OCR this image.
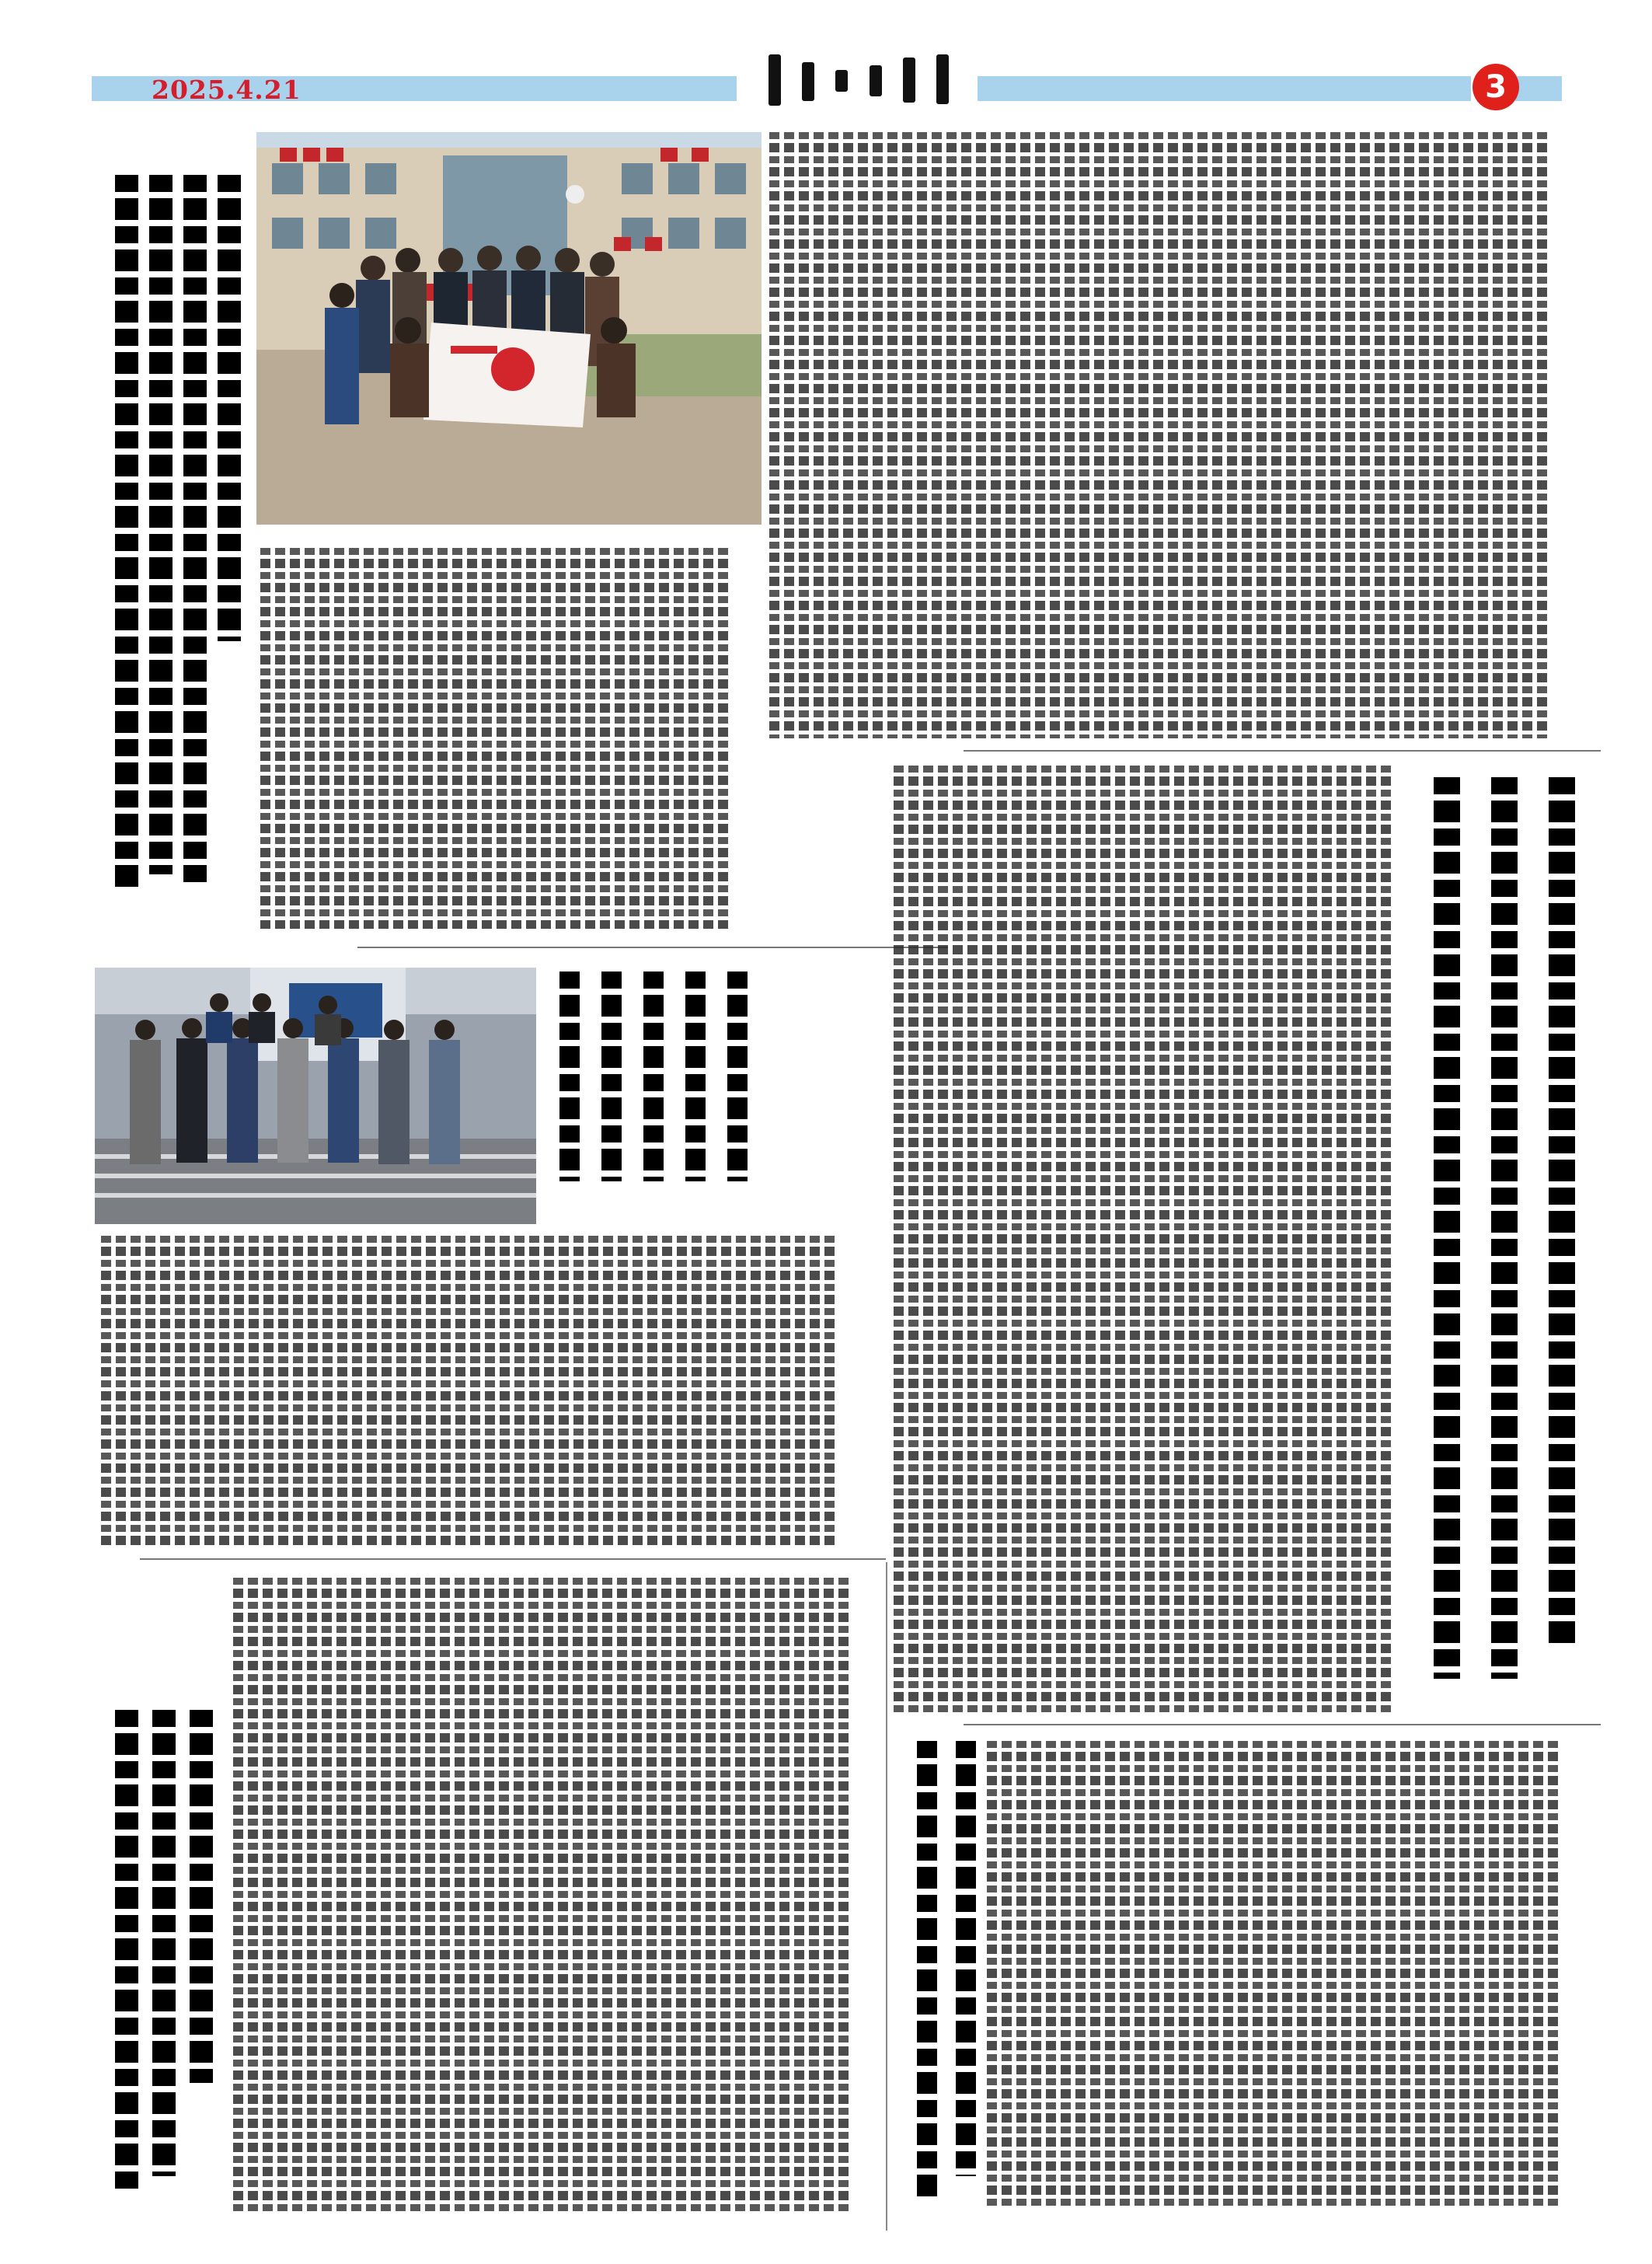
2025.4.21	3
